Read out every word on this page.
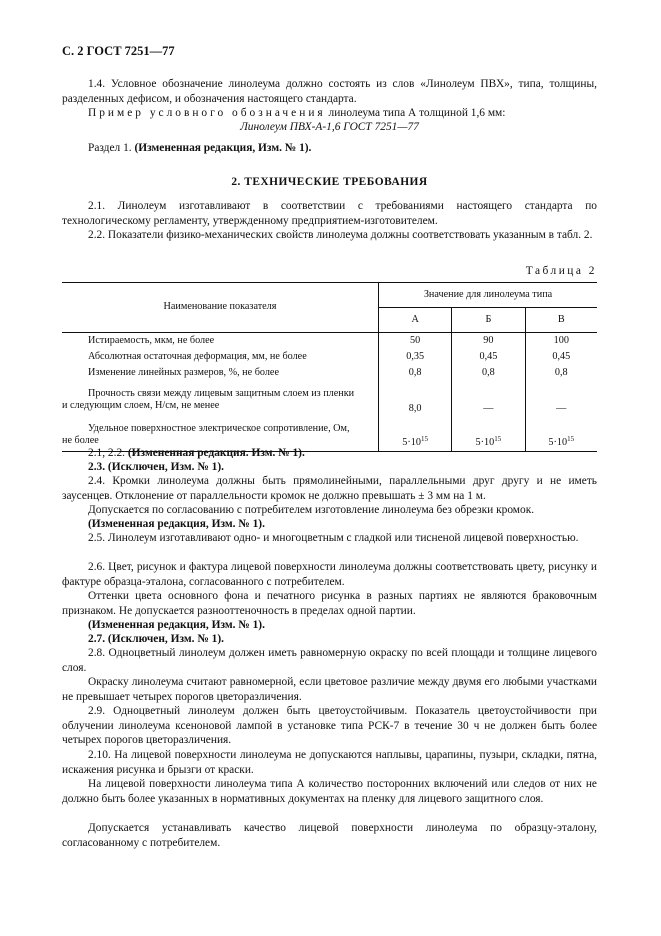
С. 2 ГОСТ 7251—77

1.4. Условное обозначение линолеума должно состоять из слов «Линолеум ПВХ», типа, толщины, разделенных дефисом, и обозначения настоящего стандарта.

Пример условного обозначения линолеума типа А толщиной 1,6 мм:

Линолеум ПВХ-А-1,6 ГОСТ 7251—77

Раздел 1. (Измененная редакция, Изм. № 1).

2. ТЕХНИЧЕСКИЕ ТРЕБОВАНИЯ

2.1. Линолеум изготавливают в соответствии с требованиями настоящего стандарта по технологическому регламенту, утвержденному предприятием-изготовителем.

2.2. Показатели физико-механических свойств линолеума должны соответствовать указанным в табл. 2.

Таблица 2
Наименование показателя	Значение для линолеума типа		
	А	Б	В
Истираемость, мкм, не более	50	90	100
Абсолютная остаточная деформация, мм, не более	0,35	0,45	0,45
Изменение линейных размеров, %, не более	0,8	0,8	0,8

Прочность связи между лицевым защитным слоем из пленки
и следующим слоем, Н/см, не менее	8,0	—	—

Удельное поверхностное электрическое сопротивление, Ом,
не более	$5\cdot 10^{15}$	$5\cdot 10^{15}$	$5\cdot 10^{15}$

2.1, 2.2. (Измененная редакция. Изм. № 1).

2.3. (Исключен, Изм. № 1).

2.4. Кромки линолеума должны быть прямолинейными, параллельными друг другу и не иметь заусенцев. Отклонение от параллельности кромок не должно превышать ± 3 мм на 1 м.

Допускается по согласованию с потребителем изготовление линолеума без обрезки кромок.

(Измененная редакция, Изм. № 1).

2.5. Линолеум изготавливают одно- и многоцветным с гладкой или тисненой лицевой поверхностью.

2.6. Цвет, рисунок и фактура лицевой поверхности линолеума должны соответствовать цвету, рисунку и фактуре образца-эталона, согласованного с потребителем.

Оттенки цвета основного фона и печатного рисунка в разных партиях не являются браковочным признаком. Не допускается разнооттеночность в пределах одной партии.

(Измененная редакция, Изм. № 1).

2.7. (Исключен, Изм. № 1).

2.8. Одноцветный линолеум должен иметь равномерную окраску по всей площади и толщине лицевого слоя.

Окраску линолеума считают равномерной, если цветовое различие между двумя его любыми участками не превышает четырех порогов цветоразличения.

2.9. Одноцветный линолеум должен быть цветоустойчивым. Показатель цветоустойчивости при облучении линолеума ксеноновой лампой в установке типа РСК-7 в течение 30 ч не должен быть более четырех порогов цветоразличения.

2.10. На лицевой поверхности линолеума не допускаются наплывы, царапины, пузыри, складки, пятна, искажения рисунка и брызги от краски.

На лицевой поверхности линолеума типа А количество посторонних включений или следов от них не должно быть более указанных в нормативных документах на пленку для лицевого защитного слоя.

Допускается устанавливать качество лицевой поверхности линолеума по образцу-эталону, согласованному с потребителем.
